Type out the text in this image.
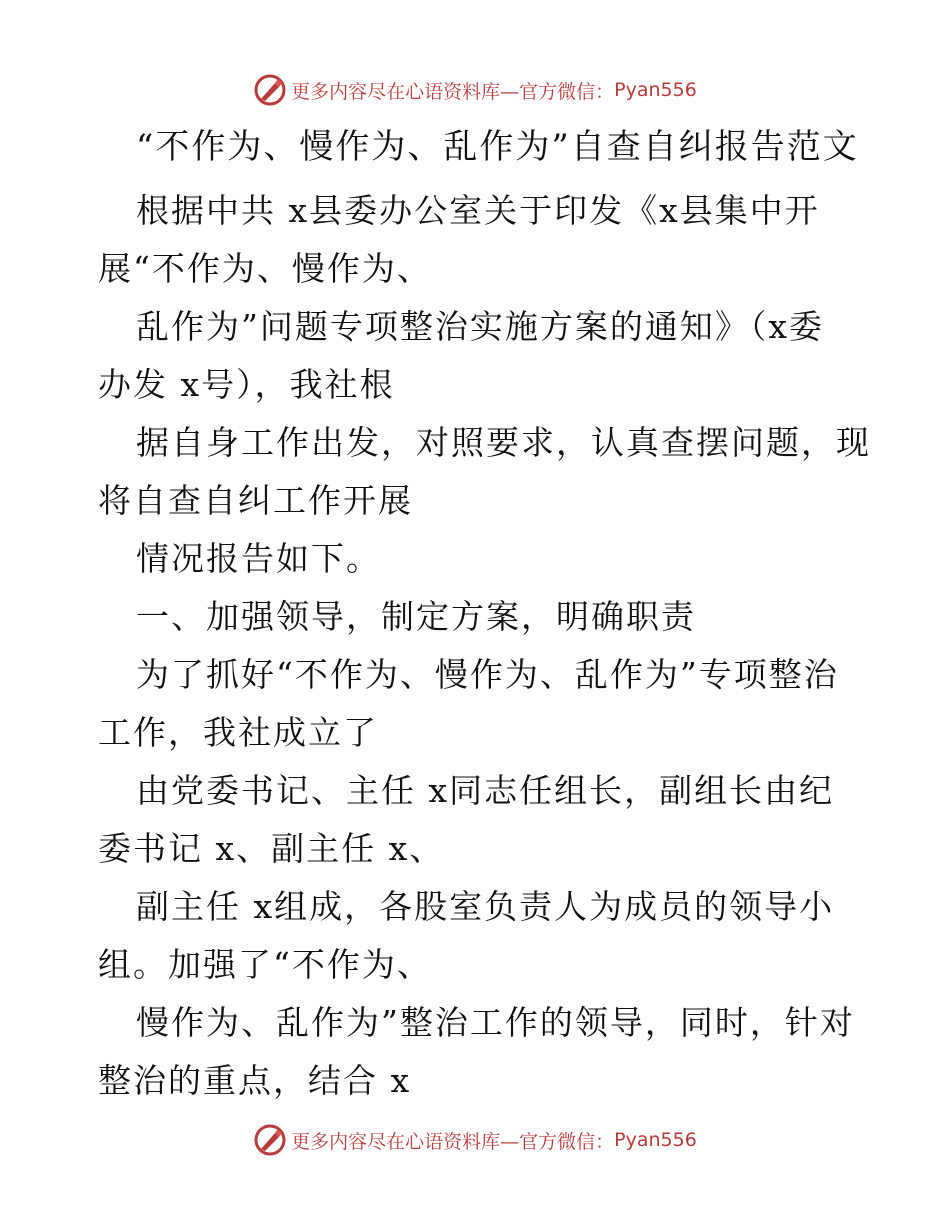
更多内容尽在心语资料库—官方微信： Pyan556
“不作为、慢作为、乱作为”自查自纠报告范文
根据中共 x县委办公室关于印发《x县集中开
展“不作为、慢作为、
乱作为”问题专项整治实施方案的通知》（x委
办发 x号），我社根
据自身工作出发，对照要求，认真查摆问题，现
将自查自纠工作开展
情况报告如下。
一、加强领导，制定方案，明确职责
为了抓好“不作为、慢作为、乱作为”专项整治
工作，我社成立了
由党委书记、主任 x同志任组长，副组长由纪
委书记 x、副主任 x、
副主任 x组成，各股室负责人为成员的领导小
组。加强了“不作为、
慢作为、乱作为”整治工作的领导，同时，针对
整治的重点，结合 x
更多内容尽在心语资料库—官方微信： Pyan556
